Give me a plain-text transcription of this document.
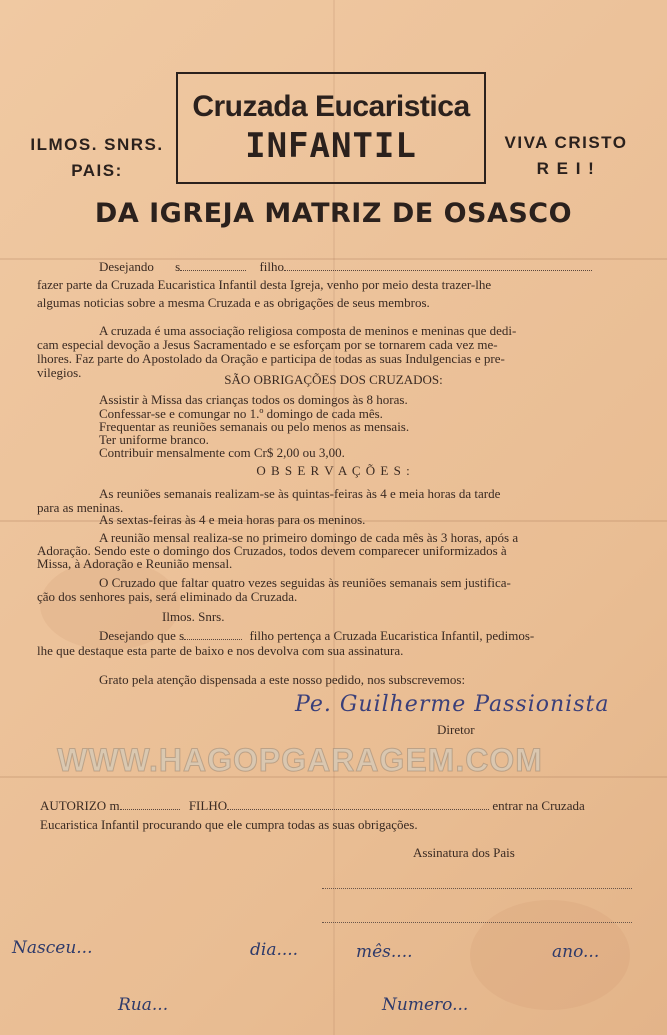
ILMOS. SNRS.
PAIS:
Cruzada Eucaristica
INFANTIL	VIVA CRISTO
R E I !
DA IGREJA MATRIZ DE OSASCO
Desejando s	filho
fazer parte da Cruzada Eucaristica Infantil desta Igreja, venho por meio desta trazer-lhe
algumas noticias sobre a mesma Cruzada e as obrigações de seus membros.
A cruzada é uma associação religiosa composta de meninos e meninas que dedi-
cam especial devoção a Jesus Sacramentado e se esforçam por se tornarem cada vez me-
lhores. Faz parte do Apostolado da Oração e participa de todas as suas Indulgencias e pre-
vilegios.	SÃO OBRIGAÇÕES DOS CRUZADOS:
Assistir à Missa das crianças todos os domingos às 8 horas.
Confessar-se e comungar no 1.º domingo de cada mês.
Frequentar as reuniões semanais ou pelo menos as mensais.
Ter uniforme branco.
Contribuir mensalmente com Cr$ 2,00 ou 3,00.
O B S E R V A Ç Õ E S :
As reuniões semanais realizam-se às quintas-feiras às 4 e meia horas da tarde
para as meninas.
As sextas-feiras às 4 e meia horas para os meninos.
A reunião mensal realiza-se no primeiro domingo de cada mês às 3 horas, após a
Adoração. Sendo este o domingo dos Cruzados, todos devem comparecer uniformizados à
Missa, à Adoração e Reunião mensal.
O Cruzado que faltar quatro vezes seguidas às reuniões semanais sem justifica-
ção dos senhores pais, será eliminado da Cruzada.
Ilmos. Snrs.
Desejando que s	filho pertença a Cruzada Eucaristica Infantil, pedimos-
lhe que destaque esta parte de baixo e nos devolva com sua assinatura.
Grato pela atenção dispensada a este nosso pedido, nos subscrevemos:
Pe. Guilherme Passionista
Diretor
WWW.HAGOPGARAGEM.COM
AUTORIZO m	FILHO	entrar na Cruzada
Eucaristica Infantil procurando que ele cumpra todas as suas obrigações.
Assinatura dos Pais
Nasceu...	dia....	mês....	ano...
Rua...	Numero...
